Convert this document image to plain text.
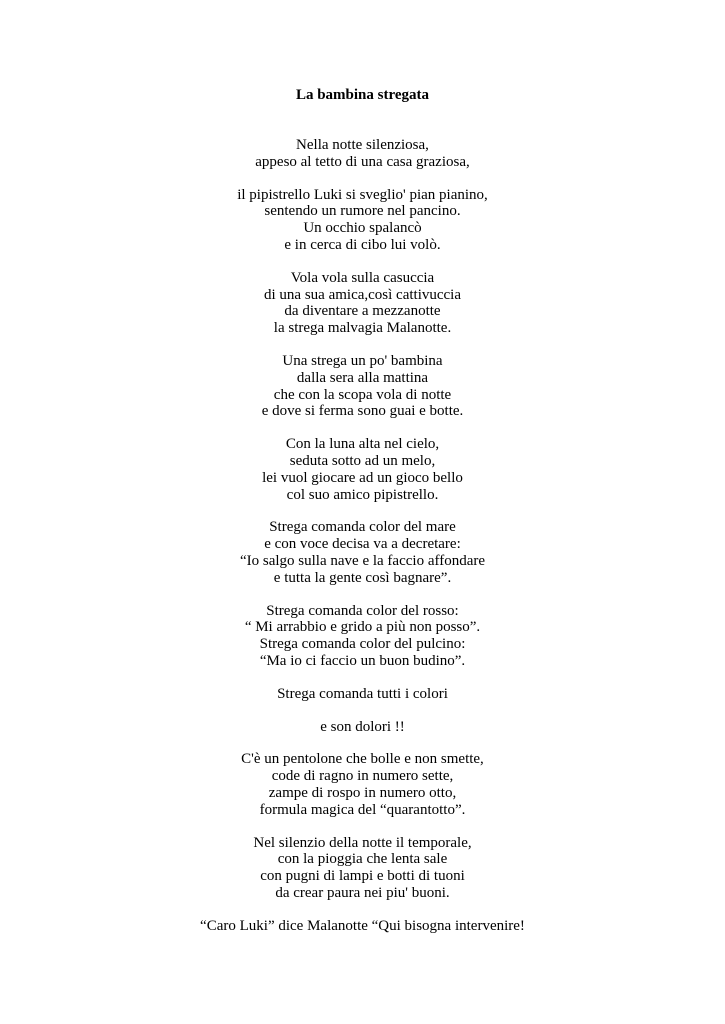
La bambina stregata
Nella notte silenziosa,
appeso al tetto di una casa graziosa,
il pipistrello Luki si sveglio' pian pianino,
sentendo un rumore nel pancino.
Un occhio spalancò
e in cerca di cibo lui volò.
Vola vola sulla casuccia
di una sua amica,così cattivuccia
da diventare a mezzanotte
la strega malvagia Malanotte.
Una strega un po' bambina
dalla sera alla mattina
che con la scopa vola di notte
e dove si ferma sono guai e botte.
Con la luna alta nel cielo,
seduta sotto ad un melo,
lei vuol giocare ad un gioco bello
col suo amico pipistrello.
Strega comanda color del mare
e con voce decisa va a decretare:
“Io salgo sulla nave e la faccio affondare
e tutta la gente così bagnare”.
Strega comanda color del rosso:
“ Mi arrabbio e grido a più non posso”.
Strega comanda color del pulcino:
“Ma io ci faccio un buon budino”.
Strega comanda tutti i colori
e son dolori !!
C'è un pentolone che bolle e non smette,
code di ragno in numero sette,
zampe di rospo in numero otto,
formula magica del “quarantotto”.
Nel silenzio della notte il temporale,
con la pioggia che lenta sale
con pugni di lampi e botti di tuoni
da crear paura nei piu' buoni.
“Caro Luki” dice Malanotte “Qui bisogna intervenire!
